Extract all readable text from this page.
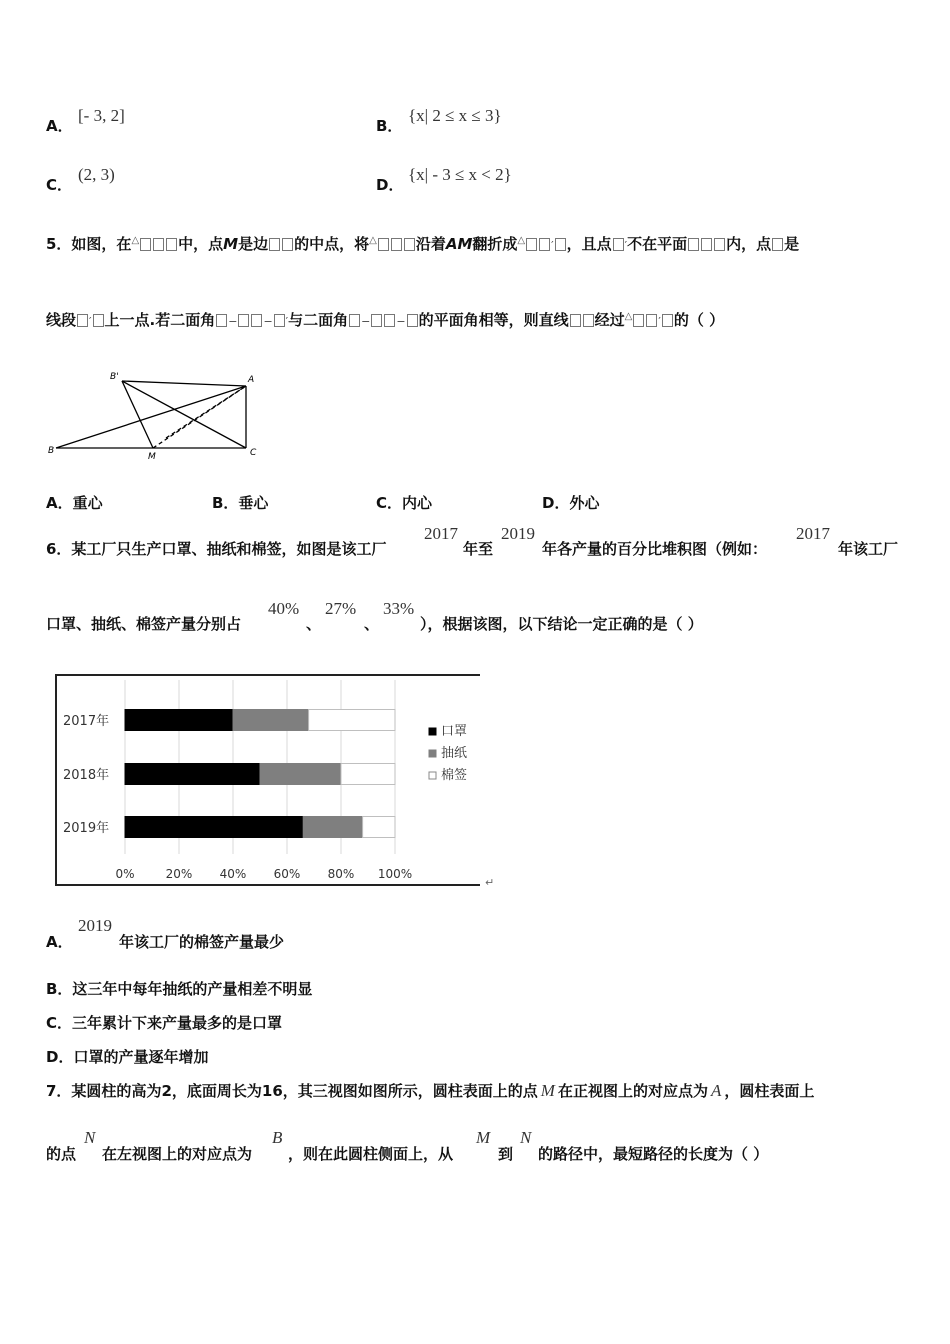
A．
[- 3, 2]
B．
{x| 2 ≤ x ≤ 3}
C．
(2, 3)
D．
{x| - 3 ≤ x < 2}
5．如图，在△	中，点M是边 的中点，将△	沿着AM翻折成△ ′ ，且点 ′不在平面	内，点 是
线段 ′ 上一点.若二面角 − − ′与二面角 − − 的平面角相等，则直线 经过△ ′ 的（ ）
B'	A
B
M	C
A．重心	B．垂心	C．内心	D．外心
6．某工厂只生产口罩、抽纸和棉签，如图是该工厂
2017
年至
2019
年各产量的百分比堆积图（例如：
2017
年该工厂
口罩、抽纸、棉签产量分别占
40%
、
27%
、
33%
），根据该图，以下结论一定正确的是（ ）
0%	20% 40% 60% 80% 100%
2017年
2018年
2019年
口罩
抽纸
棉签
↵
A．
2019
年该工厂的棉签产量最少
B．这三年中每年抽纸的产量相差不明显
C．三年累计下来产量最多的是口罩
D．口罩的产量逐年增加
7．某圆柱的高为2，底面周长为16，其三视图如图所示，圆柱表面上的点 M 在正视图上的对应点为 A ，圆柱表面上
的点
N
在左视图上的对应点为
B
，则在此圆柱侧面上，从
M
到
N
的路径中，最短路径的长度为（ ）
